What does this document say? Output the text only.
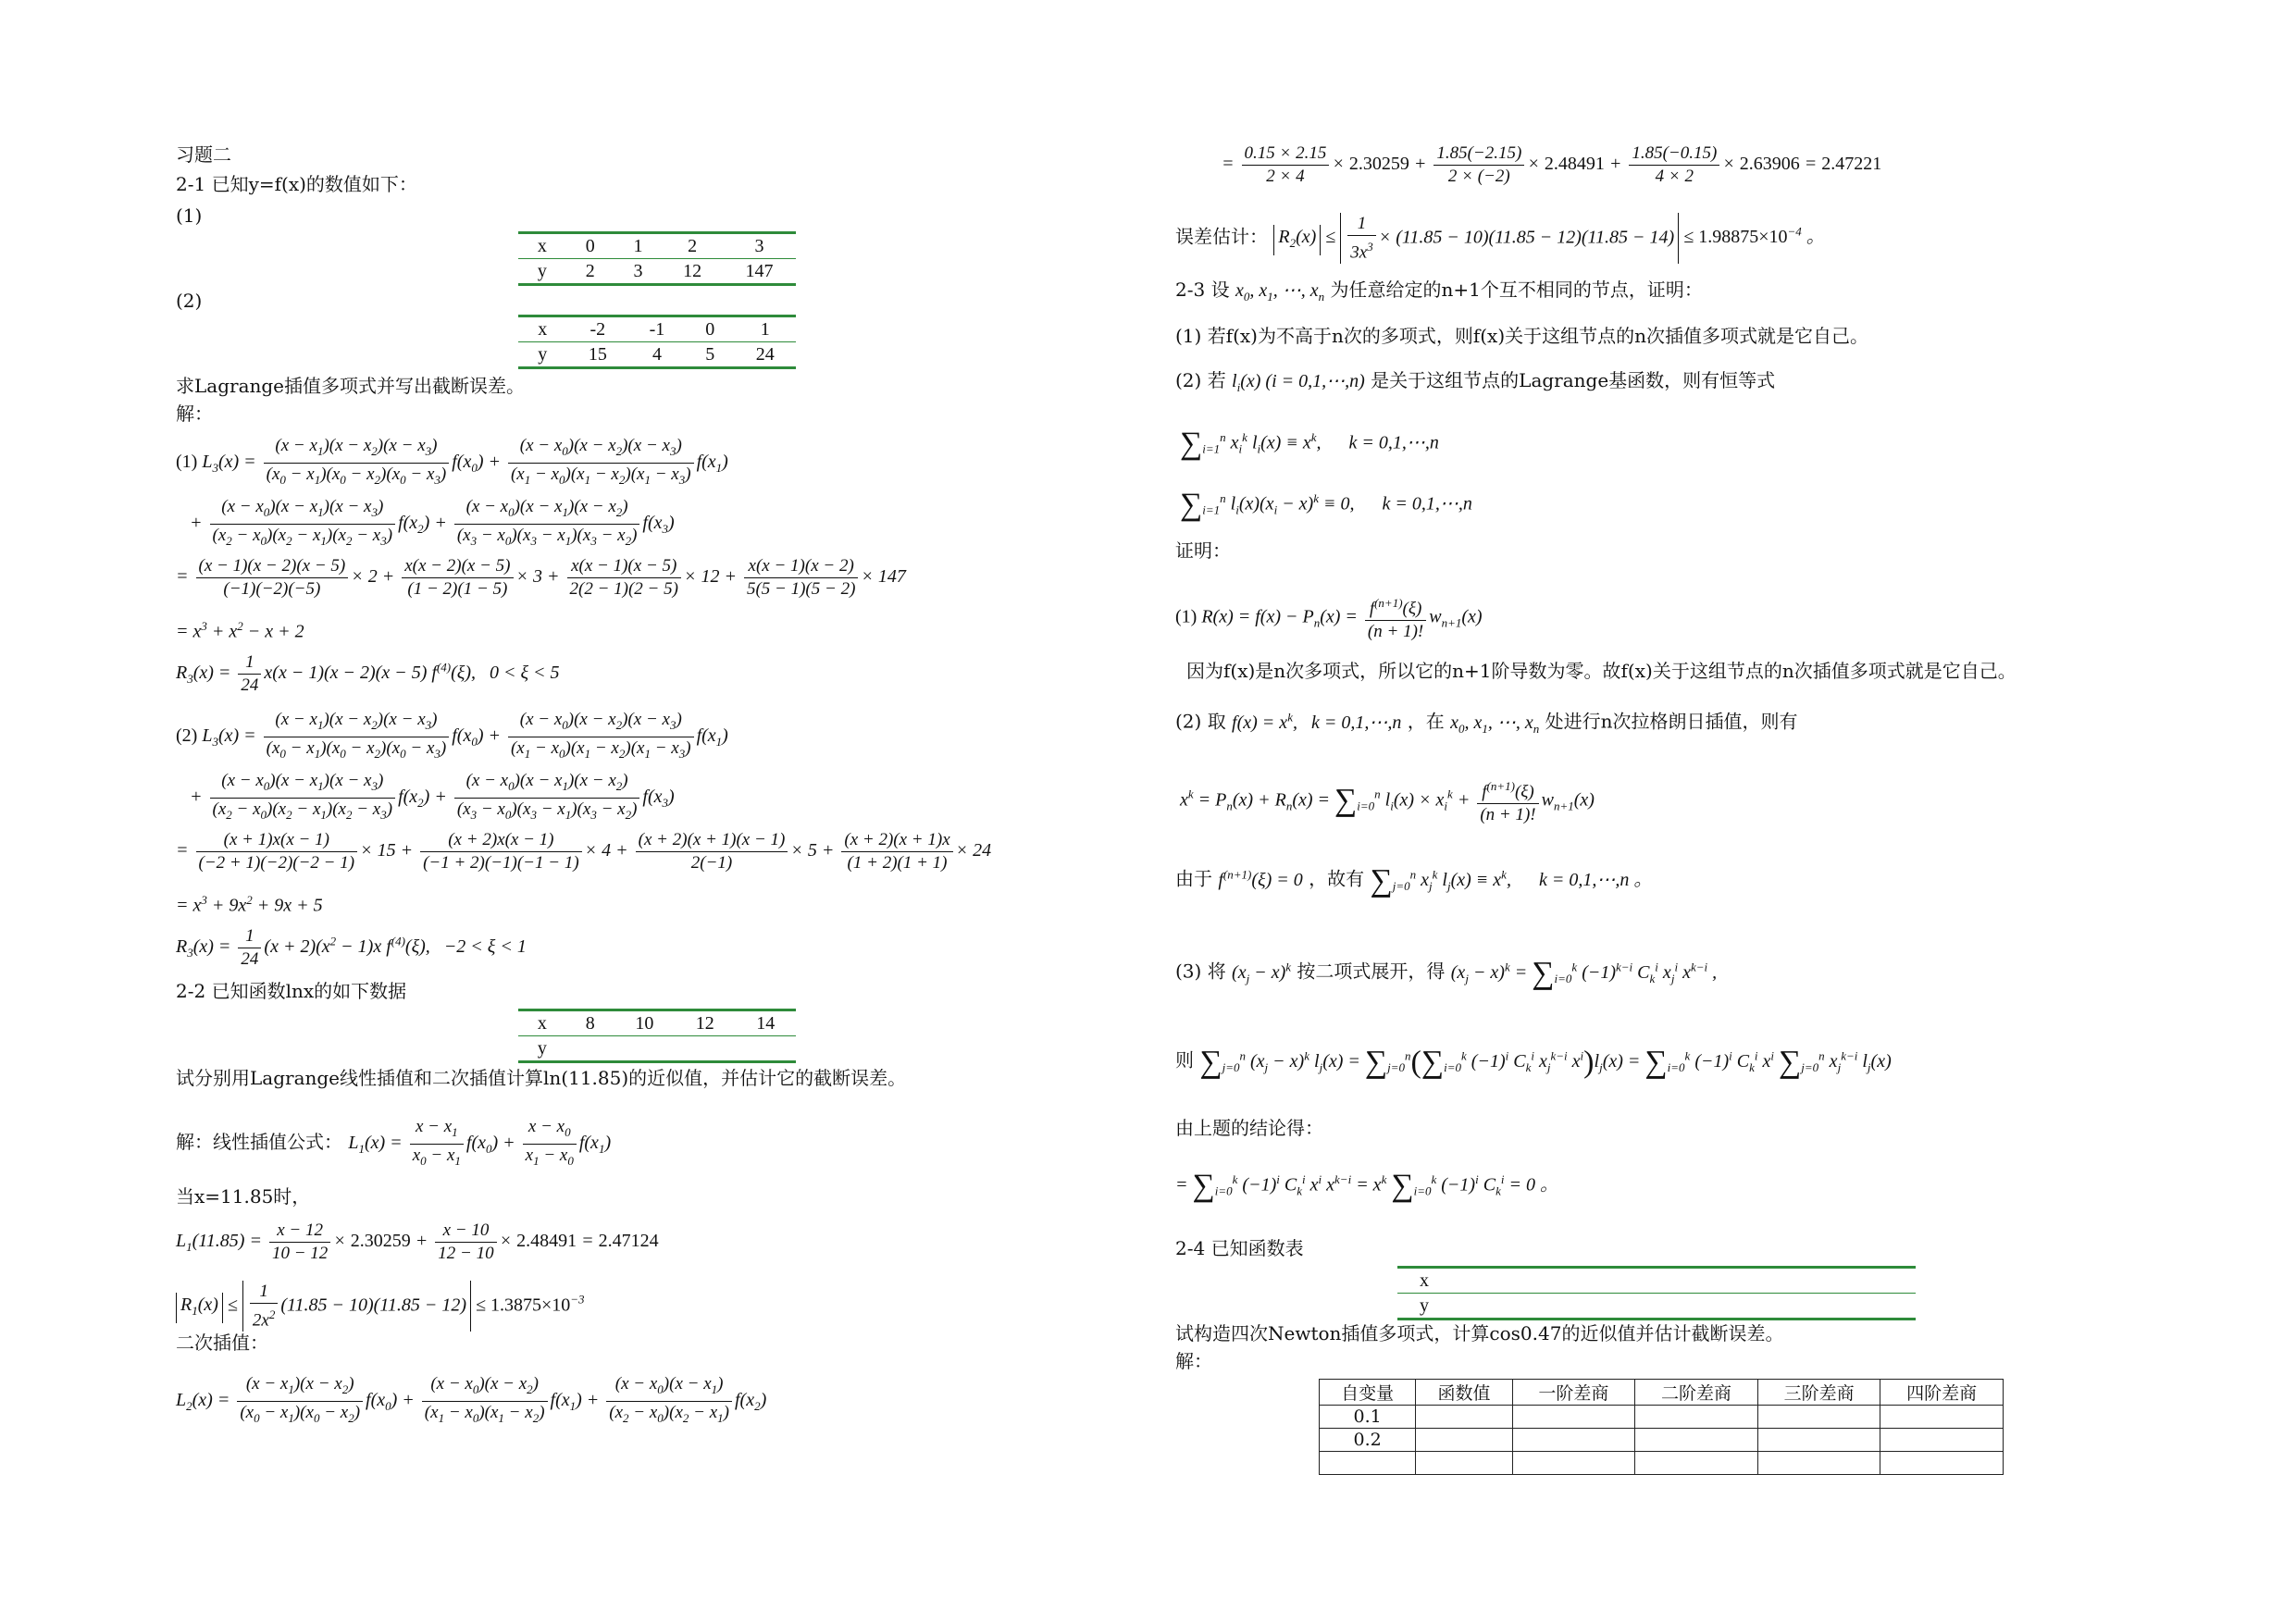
习题二
2-1 已知y=f(x)的数值如下：
(1)
x	0	1	2	3
y	2	3	12	147
(2)
x	-2	-1	0	1
y	15	4	5	24
求Lagrange插值多项式并写出截断误差。
解：
(1) $L_3(x) = \frac{(x - x_1)(x - x_2)(x - x_3)}{(x_0 - x_1)(x_0 - x_2)(x_0 - x_3)} f(x_0) + \frac{(x - x_0)(x - x_2)(x - x_3)}{(x_1 - x_0)(x_1 - x_2)(x_1 - x_3)} f(x_1)$
+ $\frac{(x - x_0)(x - x_1)(x - x_3)}{(x_2 - x_0)(x_2 - x_1)(x_2 - x_3)} f(x_2) + \frac{(x - x_0)(x - x_1)(x - x_2)}{(x_3 - x_0)(x_3 - x_1)(x_3 - x_2)} f(x_3)$
= $\frac{(x - 1)(x - 2)(x - 5)}{(-1)(-2)(-5)} \times 2 + \frac{x(x - 2)(x - 5)}{(1 - 2)(1 - 5)} \times 3 + \frac{x(x - 1)(x - 5)}{2(2 - 1)(2 - 5)} \times 12 + \frac{x(x - 1)(x - 2)}{5(5 - 1)(5 - 2)} \times 147$
= $x^3 + x^2 - x + 2$
$R_3(x) = \frac{1}{24} x(x - 1)(x - 2)(x - 5)$ $f^{(4)}(\xi)$,   0 < ξ < 5
(2) $L_3(x) = \frac{(x - x_1)(x - x_2)(x - x_3)}{(x_0 - x_1)(x_0 - x_2)(x_0 - x_3)} f(x_0) + \frac{(x - x_0)(x - x_2)(x - x_3)}{(x_1 - x_0)(x_1 - x_2)(x_1 - x_3)} f(x_1)$
+ $\frac{(x - x_0)(x - x_1)(x - x_3)}{(x_2 - x_0)(x_2 - x_1)(x_2 - x_3)} f(x_2) + \frac{(x - x_0)(x - x_1)(x - x_2)}{(x_3 - x_0)(x_3 - x_1)(x_3 - x_2)} f(x_3)$
= $\frac{(x + 1)x(x - 1)}{(-2 + 1)(-2)(-2 - 1)} \times 15 + \frac{(x + 2)x(x - 1)}{(-1 + 2)(-1)(-1 - 1)} \times 4 + \frac{(x + 2)(x + 1)(x - 1)}{2(-1)} \times 5 + \frac{(x + 2)(x + 1)x}{(1 + 2)(1 + 1)} \times 24$
= $x^3 + 9x^2 + 9x + 5$
$R_3(x) = \frac{1}{24} (x + 2)(x^2 - 1)x$ $f^{(4)}(\xi)$,   −2 < ξ < 1
2-2 已知函数lnx的如下数据
x	8	10	12	14
y				
试分别用Lagrange线性插值和二次插值计算ln(11.85)的近似值，并估计它的截断误差。
解：线性插值公式： $L_1(x) = \frac{x - x_1}{x_0 - x_1} f(x_0) + \frac{x - x_0}{x_1 - x_0} f(x_1)$
当x=11.85时，
$L_1(11.85) = \frac{x - 12}{10 - 12} \times 2.30259 + \frac{x - 10}{12 - 10} \times 2.48491 = 2.47124$
$R_1(x) \le \frac{1}{2x^2} (11.85 - 10)(11.85 - 12) \le 1.3875\times 10^{-3}$
二次插值：
$L_2(x) = \frac{(x - x_1)(x - x_2)}{(x_0 - x_1)(x_0 - x_2)} f(x_0) + \frac{(x - x_0)(x - x_2)}{(x_1 - x_0)(x_1 - x_2)} f(x_1) + \frac{(x - x_0)(x - x_1)}{(x_2 - x_0)(x_2 - x_1)} f(x_2)$
= $\frac{0.15 \times 2.15}{2 \times 4} \times 2.30259 + \frac{1.85(-2.15)}{2 \times (-2)} \times 2.48491 + \frac{1.85(-0.15)}{4 \times 2} \times 2.63906 = 2.47221$
误差估计： $R_2(x) \le \frac{1}{3x^3} \times (11.85 - 10)(11.85 - 12)(11.85 - 14) \le 1.98875\times 10^{-4}$ 。
2-3 设 $x_0$, $x_1$, ⋯, $x_n$ 为任意给定的n+1个互不相同的节点，证明：
(1) 若f(x)为不高于n次的多项式，则f(x)关于这组节点的n次插值多项式就是它自己。
(2) 若 $l_i(x) (i$ = 0,1,⋯,n) 是关于这组节点的Lagrange基函数，则有恒等式
$\sum_{i=1}^n$ $x_i^k$ $l_i(x) \equiv x^k$,      k = 0,1,⋯,n
$\sum_{i=1}^n$ $l_i(x)(x_i - x)^k \equiv 0$,      k = 0,1,⋯,n
证明：
(1) $R(x) = f(x) - P_n(x) = \frac{f^{(n+1)}(\xi)}{(n + 1)!} w_{n+1}(x)$
因为f(x)是n次多项式，所以它的n+1阶导数为零。故f(x)关于这组节点的n次插值多项式就是它自己。
(2) 取 $f(x) = x^k$,   k = 0,1,⋯,n ，在 $x_0$, $x_1$, ⋯, $x_n$ 处进行n次拉格朗日插值，则有
$x^k = P_n(x) + R_n(x) = \sum_{i=0}^n$ $l_i(x) \times x_i^k + \frac{f^{(n+1)}(\xi)}{(n + 1)!} w_{n+1}(x)$
由于 $f^{(n+1)}(\xi) = 0$ ，故有 $\sum_{j=0}^n$ $x_j^k$ $l_j(x) \equiv x^k$,      k = 0,1,⋯,n 。
(3) 将 $(x_j - x)^k$ 按二项式展开，得 $(x_j - x)^k = \sum_{i=0}^k$ $(-1)^{k-i}$ $C_k^i$ $x_j^i$ $x^{k-i}$ ,
则 $\sum_{j=0}^n$ $(x_j - x)^k$ $l_j(x) = \sum_{j=0}^n(\sum_{i=0}^k$ $(-1)^i$ $C_k^i$ $x_j^{k-i}$ $x^i)l_j(x) = \sum_{i=0}^k$ $(-1)^i$ $C_k^i$ $x^i$ $\sum_{j=0}^n$ $x_j^{k-i}$ $l_j(x)$
由上题的结论得：
= $\sum_{i=0}^k$ $(-1)^i$ $C_k^i$ $x^i$ $x^{k-i} = x^k$ $\sum_{i=0}^k$ $(-1)^i$ $C_k^i = 0$ 。
2-4 已知函数表
x
y
试构造四次Newton插值多项式，计算cos0.47的近似值并估计截断误差。
解：
自变量	函数值	一阶差商	二阶差商	三阶差商	四阶差商
0.1					
0.2					
